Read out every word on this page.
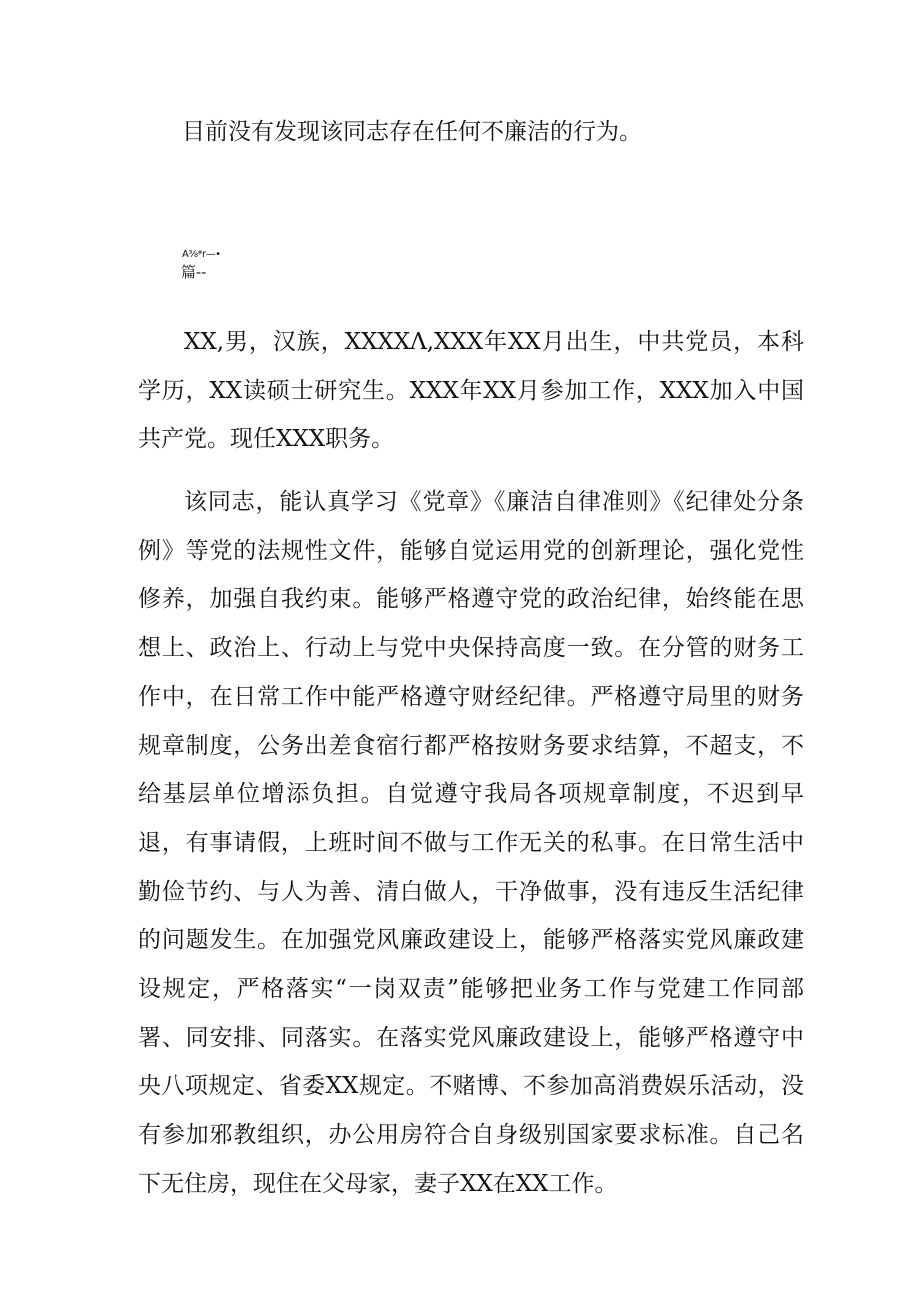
目前没有发现该同志存在任何不廉洁的行为。
A⅜*r—•
篇--

XX,男，汉族，XXXXΛ,XXX年XX月出生，中共党员，本科学历，XX读硕士研究生。XXX年XX月参加工作，XXX加入中国共产党。现任XXX职务。

该同志，能认真学习《党章》《廉洁自律准则》《纪律处分条例》等党的法规性文件，能够自觉运用党的创新理论，强化党性修养，加强自我约束。能够严格遵守党的政治纪律，始终能在思想上、政治上、行动上与党中央保持高度一致。在分管的财务工作中，在日常工作中能严格遵守财经纪律。严格遵守局里的财务规章制度，公务出差食宿行都严格按财务要求结算，不超支，不给基层单位增添负担。自觉遵守我局各项规章制度，不迟到早退，有事请假，上班时间不做与工作无关的私事。在日常生活中勤俭节约、与人为善、清白做人，干净做事，没有违反生活纪律的问题发生。在加强党风廉政建设上，能够严格落实党风廉政建设规定，严格落实“一岗双责”能够把业务工作与党建工作同部署、同安排、同落实。在落实党风廉政建设上，能够严格遵守中央八项规定、省委XX规定。不赌博、不参加高消费娱乐活动，没有参加邪教组织，办公用房符合自身级别国家要求标准。自己名下无住房，现住在父母家，妻子XX在XX工作。
